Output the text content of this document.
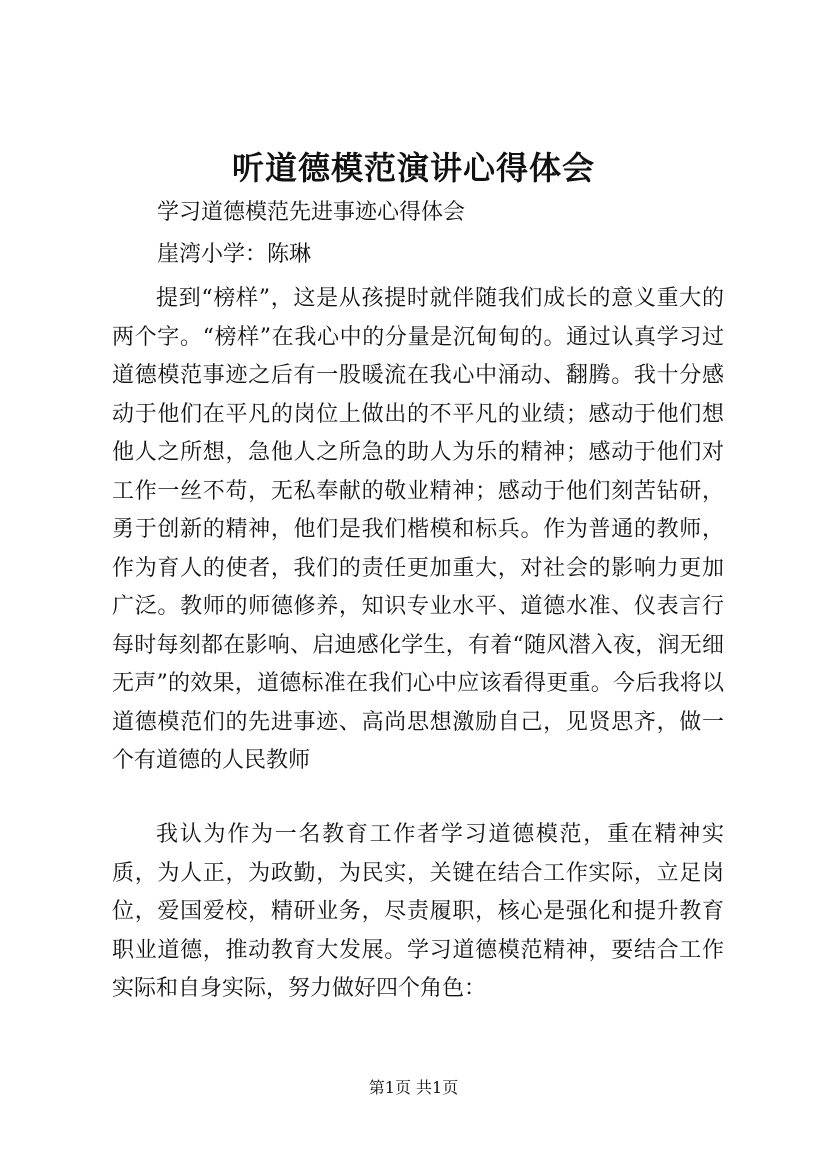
听道德模范演讲心得体会
学习道德模范先进事迹心得体会
崖湾小学：陈琳
提到“榜样”，这是从孩提时就伴随我们成长的意义重大的两个字。“榜样”在我心中的分量是沉甸甸的。通过认真学习过道德模范事迹之后有一股暖流在我心中涌动、翻腾。我十分感动于他们在平凡的岗位上做出的不平凡的业绩；感动于他们想他人之所想，急他人之所急的助人为乐的精神；感动于他们对工作一丝不苟，无私奉献的敬业精神；感动于他们刻苦钻研，勇于创新的精神，他们是我们楷模和标兵。作为普通的教师，作为育人的使者，我们的责任更加重大，对社会的影响力更加广泛。教师的师德修养，知识专业水平、道德水准、仪表言行每时每刻都在影响、启迪感化学生，有着“随风潜入夜，润无细无声”的效果，道德标准在我们心中应该看得更重。今后我将以道德模范们的先进事迹、高尚思想激励自己，见贤思齐，做一个有道德的人民教师
我认为作为一名教育工作者学习道德模范，重在精神实质，为人正，为政勤，为民实，关键在结合工作实际，立足岗位，爱国爱校，精研业务，尽责履职，核心是强化和提升教育职业道德，推动教育大发展。学习道德模范精神，要结合工作实际和自身实际，努力做好四个角色：
第1页 共1页
